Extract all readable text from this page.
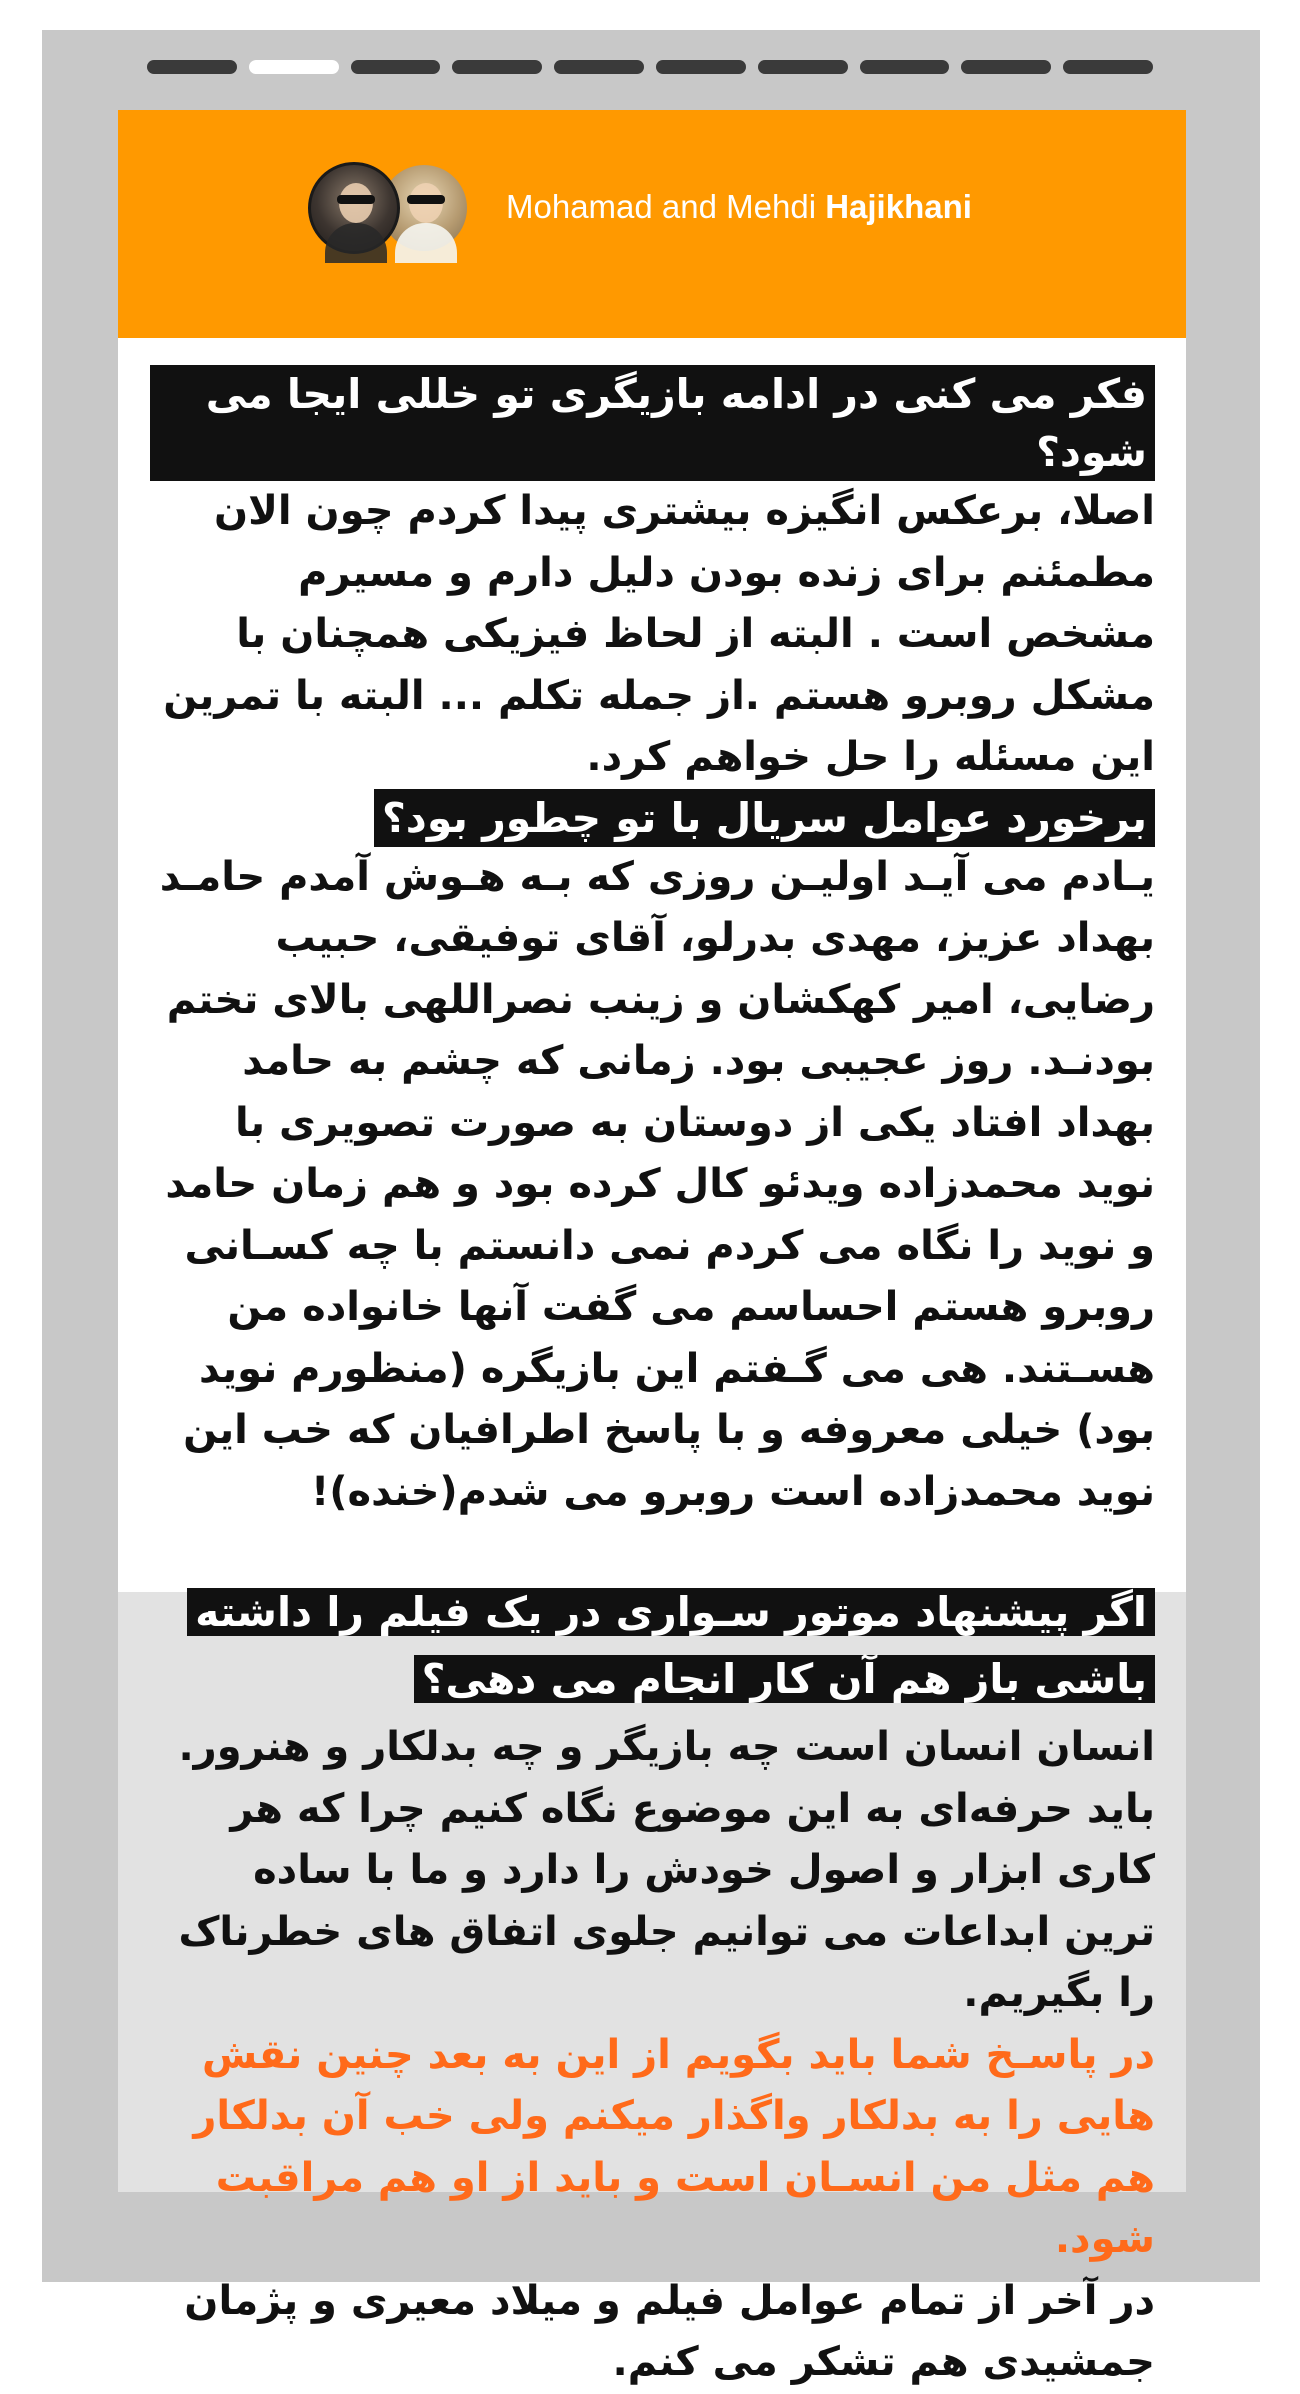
Mohamad and Mehdi Hajikhani

فکر می کنی در ادامه بازیگری تو خللی ایجا می شود؟

اصلا، برعکس انگیزه بیشتری پیدا کردم چون الان مطمئنم برای زنده بودن دلیل دارم و مسیرم مشخص است . البته از لحاظ فیزیکی همچنان با مشکل روبرو هستم .از جمله تکلم ... البته با تمرین این مسئله را حل خواهم کرد.

برخورد عوامل سریال با تو چطور بود؟

یـادم می آیـد اولیـن روزی که بـه هـوش آمدم حامـد بهداد عزیز، مهدی بدرلو، آقای توفیقی، حبیب رضایی، امیر کهکشان و زینب نصراللهی بالای تختم بودنـد. روز عجیبی بود. زمانی که چشم به حامد بهداد افتاد یکی از دوستان به صورت تصویری با نوید محمدزاده ویدئو کال کرده بود و هم زمان حامد و نوید را نگاه می کردم نمی دانستم با چه کسـانی روبرو هستم احساسم می گفت آنها خانواده من هسـتند. هی می گـفتم این بازیگره (منظورم نوید بود) خیلی معروفه و با پاسخ اطرافیان که خب این نوید محمدزاده است روبرو می شدم(خنده)!

اگر پیشنهاد موتور سـواری در یک فیلم را داشته باشی باز هم آن کار انجام می دهی؟

انسان انسان است چه بازیگر و چه بدلکار و هنرور. باید حرفه‌ای به این موضوع نگاه کنیم چرا که هر کاری ابزار و اصول خودش را دارد و ما با ساده ترین ابداعات می توانیم جلوی اتفاق های خطرناک را بگیریم.

در پاسـخ شما باید بگویم از این به بعد چنین نقش هایی را به بدلکار واگذار میکنم ولی خب آن بدلکار هم مثل من انسـان است و باید از او هم مراقبت شود.

در آخر از تمام عوامل فیلم و میلاد معیری و پژمان جمشیدی هم تشکر می کنم.
